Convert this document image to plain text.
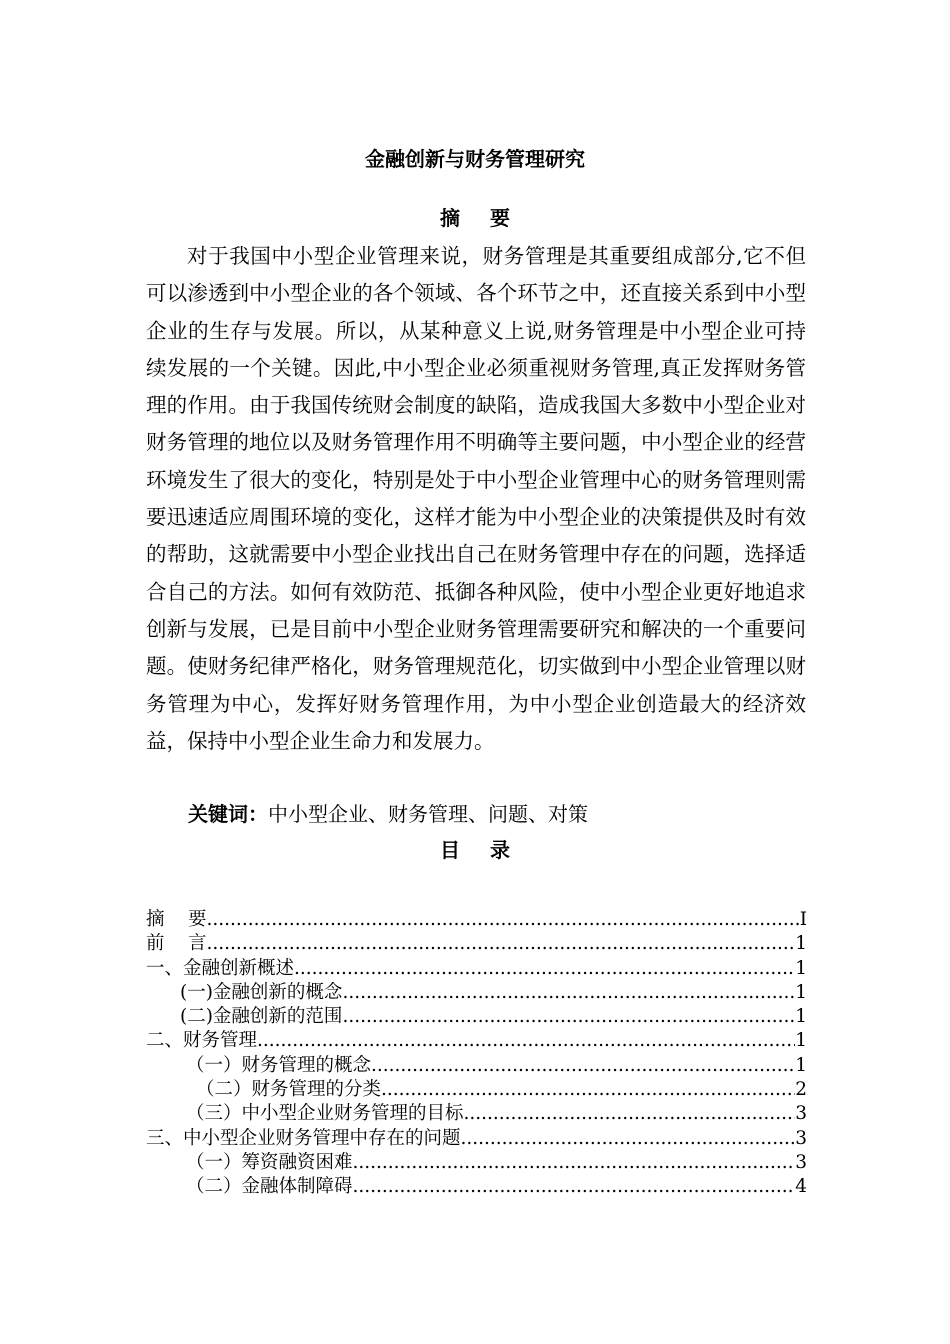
金融创新与财务管理研究
摘要

对于我国中小型企业管理来说，财务管理是其重要组成部分,它不但可以渗透到中小型企业的各个领域、各个环节之中，还直接关系到中小型企业的生存与发展。所以，从某种意义上说,财务管理是中小型企业可持续发展的一个关键。因此,中小型企业必须重视财务管理,真正发挥财务管理的作用。由于我国传统财会制度的缺陷，造成我国大多数中小型企业对财务管理的地位以及财务管理作用不明确等主要问题，中小型企业的经营环境发生了很大的变化，特别是处于中小型企业管理中心的财务管理则需要迅速适应周围环境的变化，这样才能为中小型企业的决策提供及时有效的帮助，这就需要中小型企业找出自己在财务管理中存在的问题，选择适合自己的方法。如何有效防范、抵御各种风险，使中小型企业更好地追求创新与发展，已是目前中小型企业财务管理需要研究和解决的一个重要问题。使财务纪律严格化，财务管理规范化，切实做到中小型企业管理以财务管理为中心，发挥好财务管理作用，为中小型企业创造最大的经济效益，保持中小型企业生命力和发展力。

关键词：中小型企业、财务管理、问题、对策
目录
摘    要 .....	I
前    言 .....	1
一、金融创新概述 .....	1
(一)金融创新的概念 .....	1
(二)金融创新的范围 .....	1
二、财务管理 .....	1
（一）财务管理的概念 .....	1
（二）财务管理的分类 .....	2
（三）中小型企业财务管理的目标 .....	3
三、中小型企业财务管理中存在的问题 .....	3
（一）筹资融资困难 .....	3
（二）金融体制障碍 .....	4
